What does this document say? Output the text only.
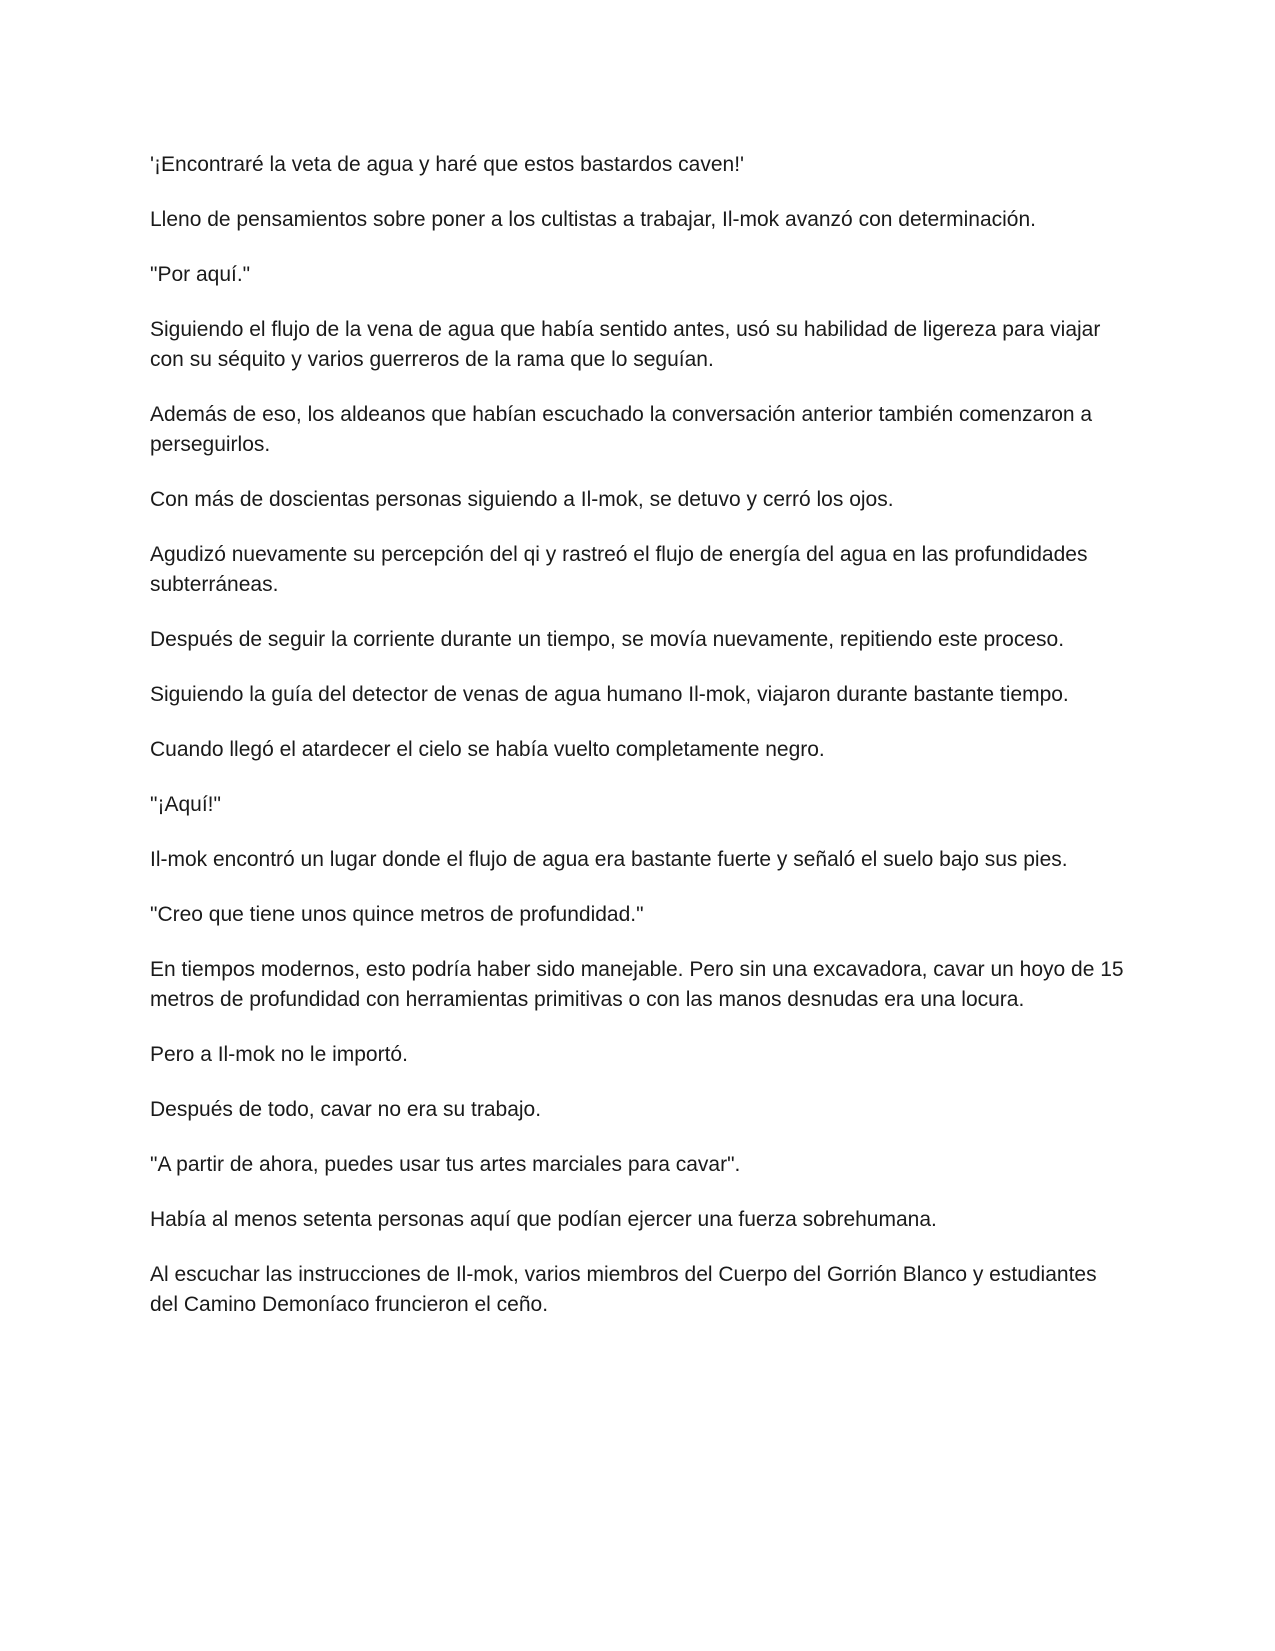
'¡Encontraré la veta de agua y haré que estos bastardos caven!'

Lleno de pensamientos sobre poner a los cultistas a trabajar, Il-mok avanzó con determinación.

"Por aquí."

Siguiendo el flujo de la vena de agua que había sentido antes, usó su habilidad de ligereza para viajar con su séquito y varios guerreros de la rama que lo seguían.

Además de eso, los aldeanos que habían escuchado la conversación anterior también comenzaron a perseguirlos.

Con más de doscientas personas siguiendo a Il-mok, se detuvo y cerró los ojos.

Agudizó nuevamente su percepción del qi y rastreó el flujo de energía del agua en las profundidades subterráneas.

Después de seguir la corriente durante un tiempo, se movía nuevamente, repitiendo este proceso.

Siguiendo la guía del detector de venas de agua humano Il-mok, viajaron durante bastante tiempo.

Cuando llegó el atardecer el cielo se había vuelto completamente negro.

"¡Aquí!"

Il-mok encontró un lugar donde el flujo de agua era bastante fuerte y señaló el suelo bajo sus pies.

"Creo que tiene unos quince metros de profundidad."

En tiempos modernos, esto podría haber sido manejable. Pero sin una excavadora, cavar un hoyo de 15 metros de profundidad con herramientas primitivas o con las manos desnudas era una locura.

Pero a Il-mok no le importó.

Después de todo, cavar no era su trabajo.

"A partir de ahora, puedes usar tus artes marciales para cavar".

Había al menos setenta personas aquí que podían ejercer una fuerza sobrehumana.

Al escuchar las instrucciones de Il-mok, varios miembros del Cuerpo del Gorrión Blanco y estudiantes del Camino Demoníaco fruncieron el ceño.
